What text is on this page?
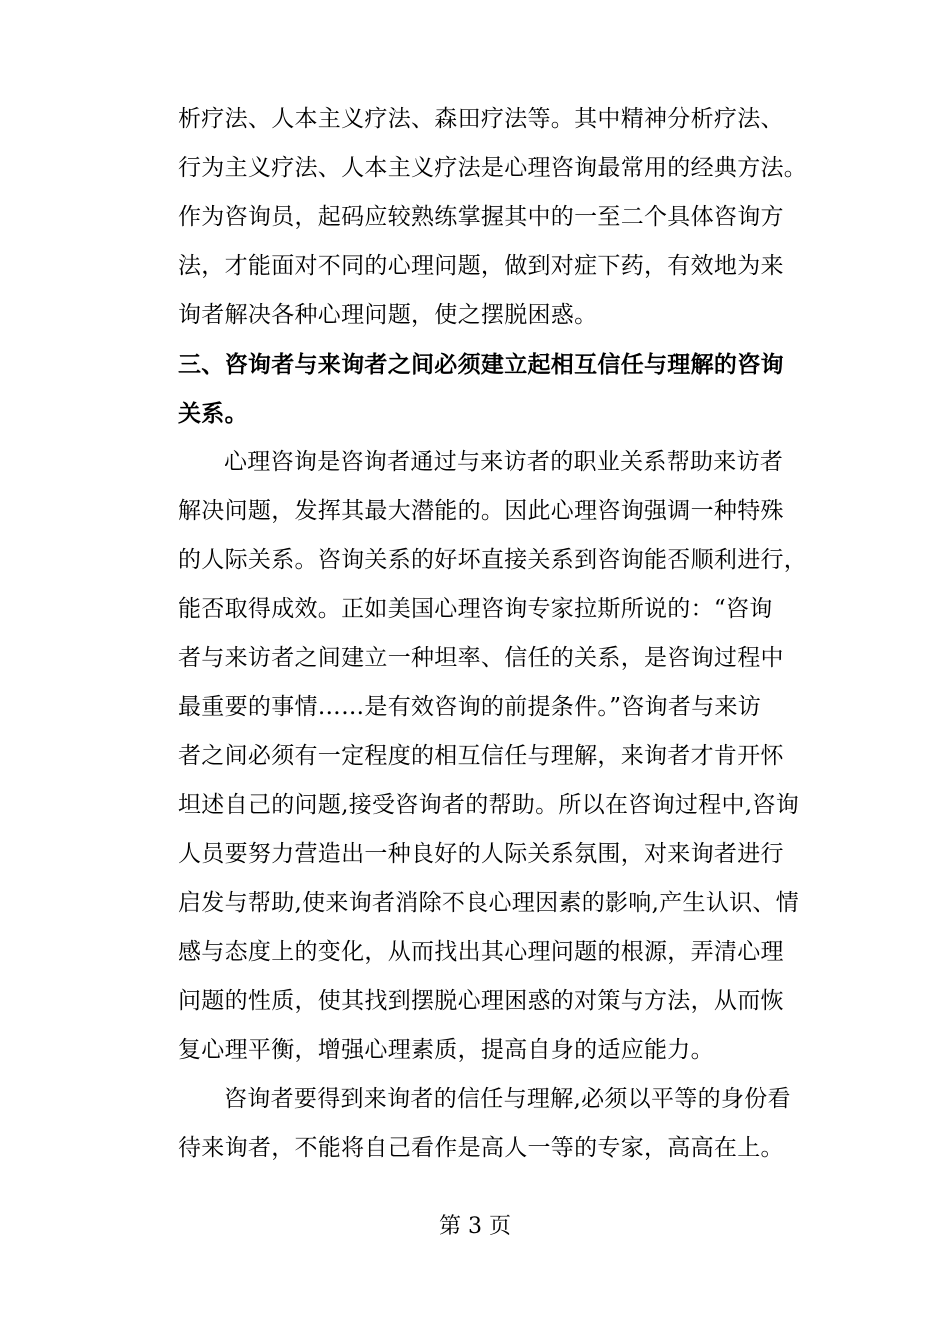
析疗法、人本主义疗法、森田疗法等。其中精神分析疗法、
行为主义疗法、人本主义疗法是心理咨询最常用的经典方法。
作为咨询员，起码应较熟练掌握其中的一至二个具体咨询方
法，才能面对不同的心理问题，做到对症下药，有效地为来
询者解决各种心理问题，使之摆脱困惑。
三、咨询者与来询者之间必须建立起相互信任与理解的咨询
关系。
心理咨询是咨询者通过与来访者的职业关系帮助来访者
解决问题，发挥其最大潜能的。因此心理咨询强调一种特殊
的人际关系。咨询关系的好坏直接关系到咨询能否顺利进行，
能否取得成效。正如美国心理咨询专家拉斯所说的：“咨询
者与来访者之间建立一种坦率、信任的关系，是咨询过程中
最重要的事情……是有效咨询的前提条件。”咨询者与来访
者之间必须有一定程度的相互信任与理解，来询者才肯开怀
坦述自己的问题,接受咨询者的帮助。所以在咨询过程中,咨询
人员要努力营造出一种良好的人际关系氛围，对来询者进行
启发与帮助,使来询者消除不良心理因素的影响,产生认识、情
感与态度上的变化，从而找出其心理问题的根源，弄清心理
问题的性质，使其找到摆脱心理困惑的对策与方法，从而恢
复心理平衡，增强心理素质，提高自身的适应能力。
咨询者要得到来询者的信任与理解,必须以平等的身份看
待来询者，不能将自己看作是高人一等的专家，高高在上。
第 3 页
